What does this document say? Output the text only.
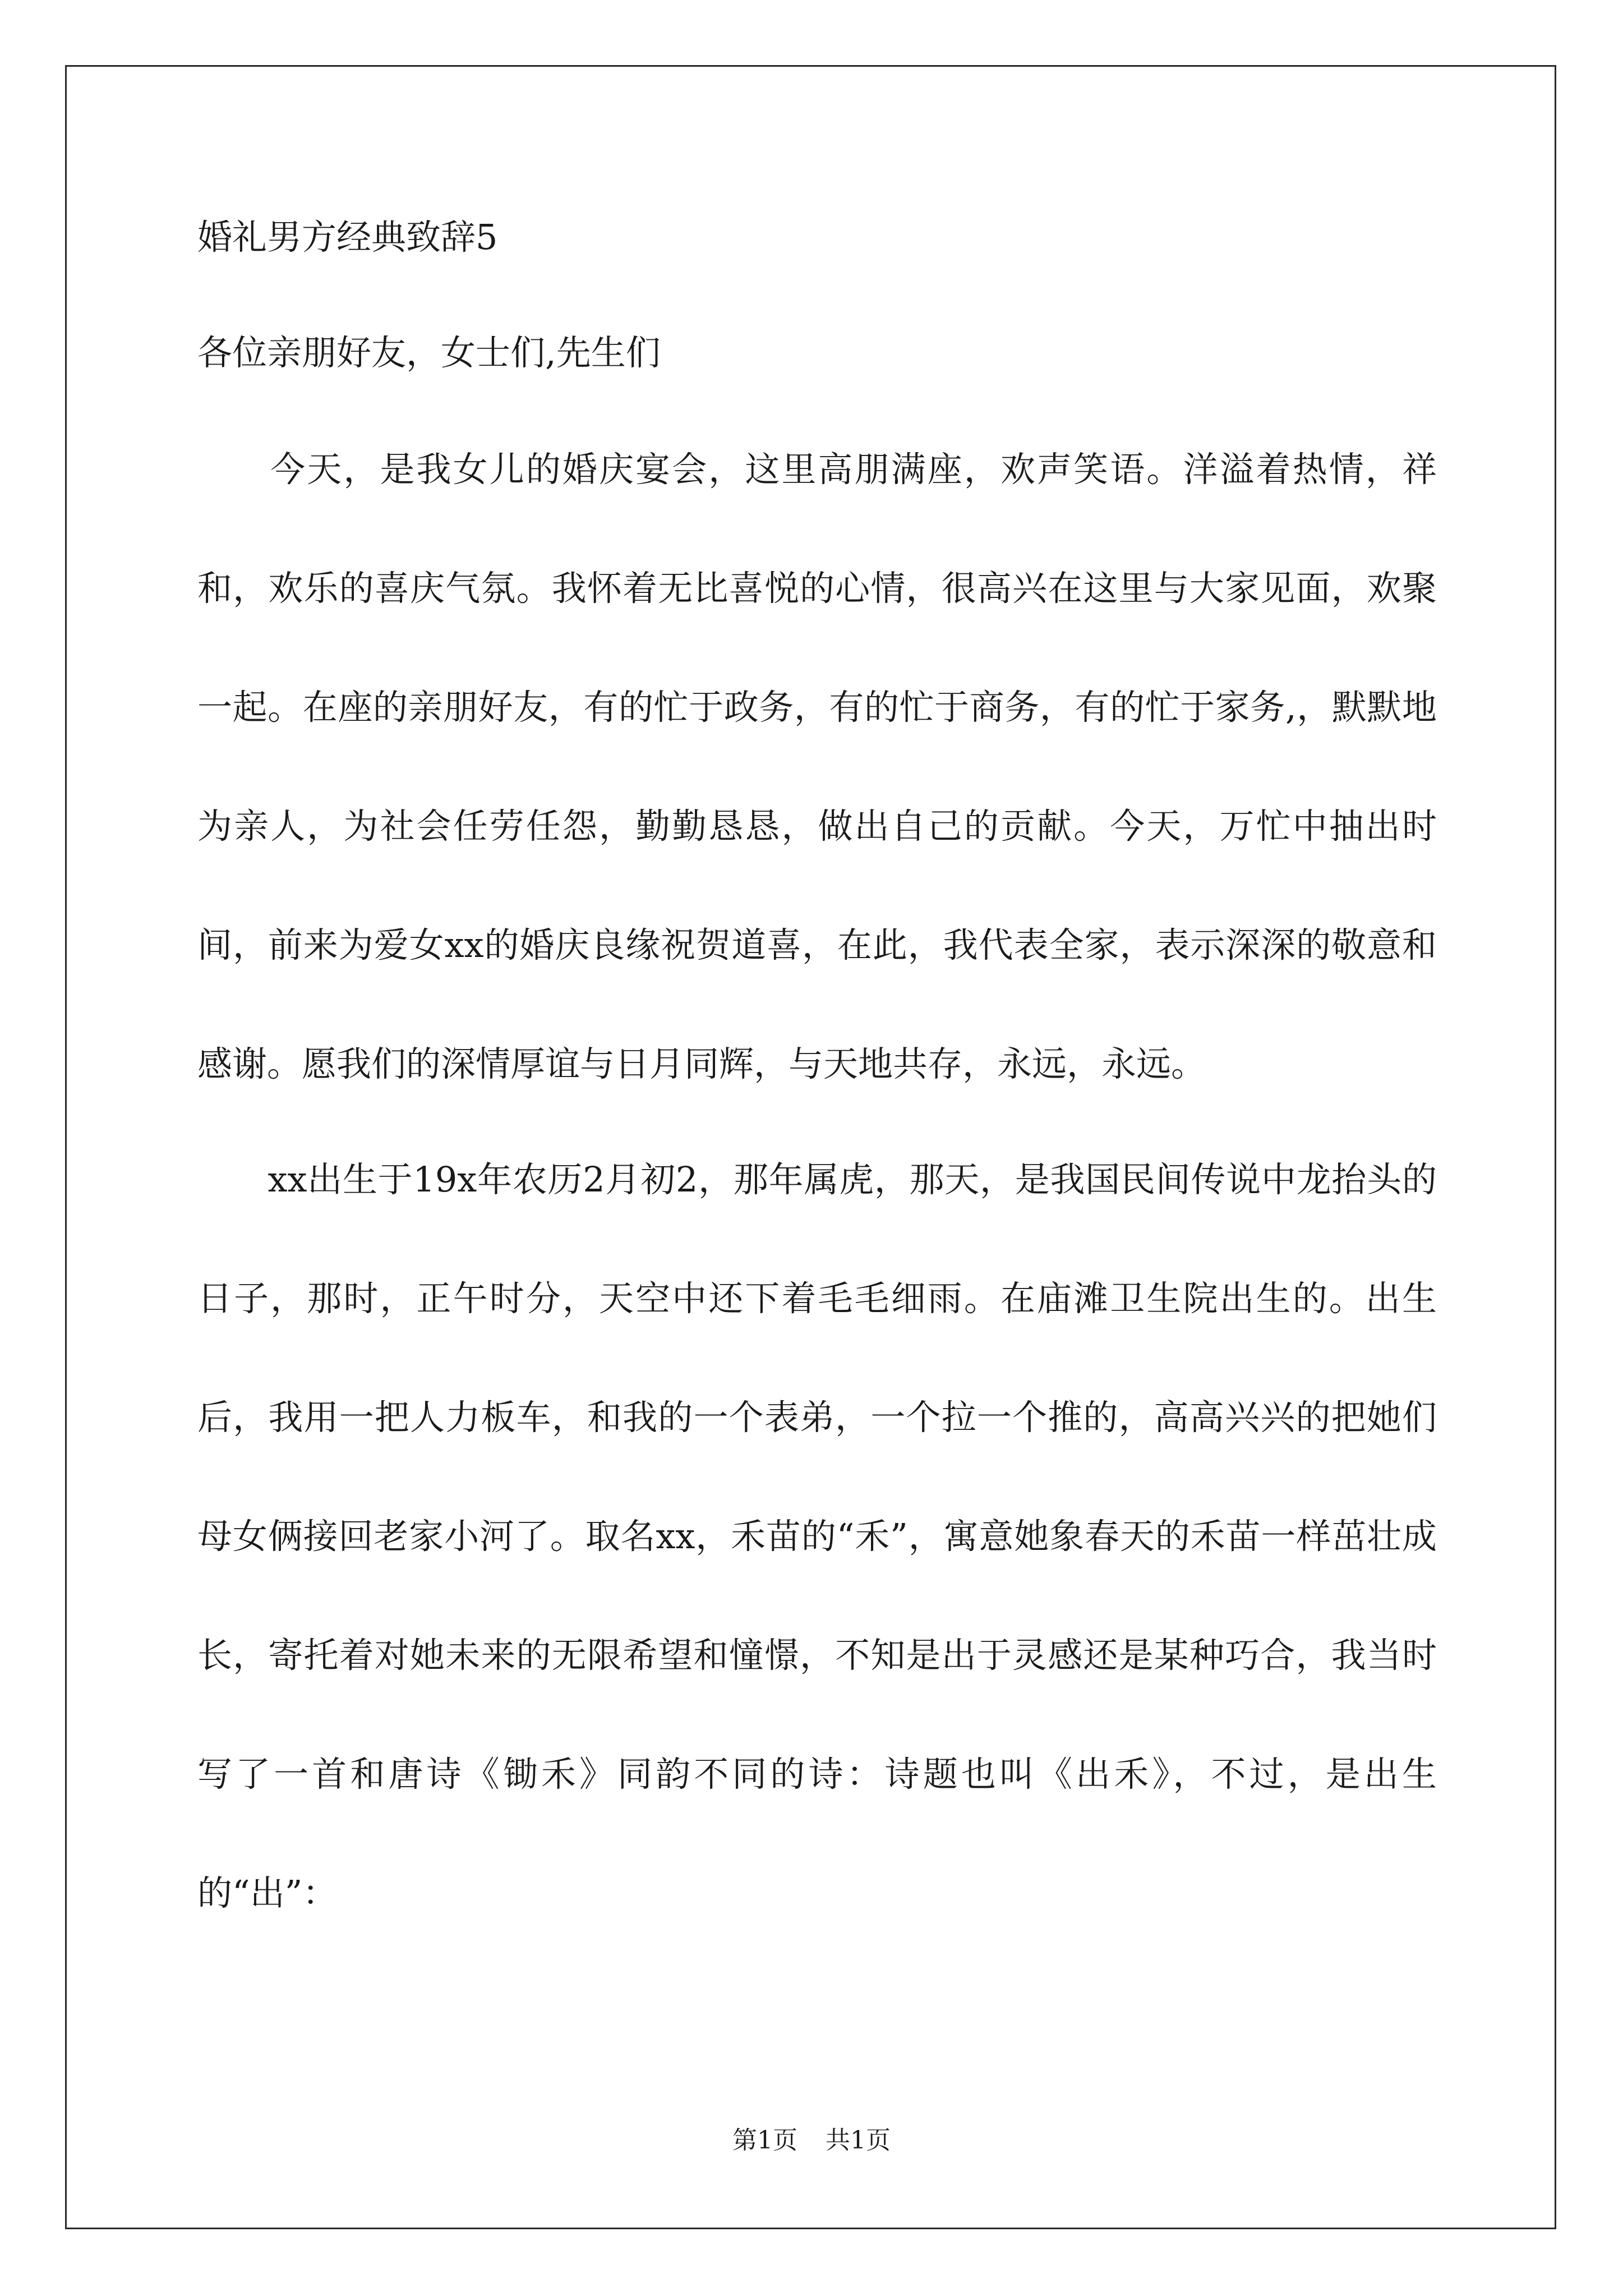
婚礼男方经典致辞5
各位亲朋好友，女士们,先生们
　　今天，是我女儿的婚庆宴会，这里高朋满座，欢声笑语。洋溢着热情，祥和，欢乐的喜庆气氛。我怀着无比喜悦的心情，很高兴在这里与大家见面，欢聚一起。在座的亲朋好友，有的忙于政务，有的忙于商务，有的忙于家务,，默默地为亲人，为社会任劳任怨，勤勤恳恳，做出自己的贡献。今天，万忙中抽出时间，前来为爱女xx的婚庆良缘祝贺道喜，在此，我代表全家，表示深深的敬意和感谢。愿我们的深情厚谊与日月同辉，与天地共存，永远，永远。
　　xx出生于19x年农历2月初2，那年属虎，那天，是我国民间传说中龙抬头的日子，那时，正午时分，天空中还下着毛毛细雨。在庙滩卫生院出生的。出生后，我用一把人力板车，和我的一个表弟，一个拉一个推的，高高兴兴的把她们母女俩接回老家小河了。取名xx，禾苗的“禾”，寓意她象春天的禾苗一样茁壮成长，寄托着对她未来的无限希望和憧憬，不知是出于灵感还是某种巧合，我当时写了一首和唐诗《锄禾》同韵不同的诗：诗题也叫《出禾》，不过，是出生的“出”：
第1页 共1页
